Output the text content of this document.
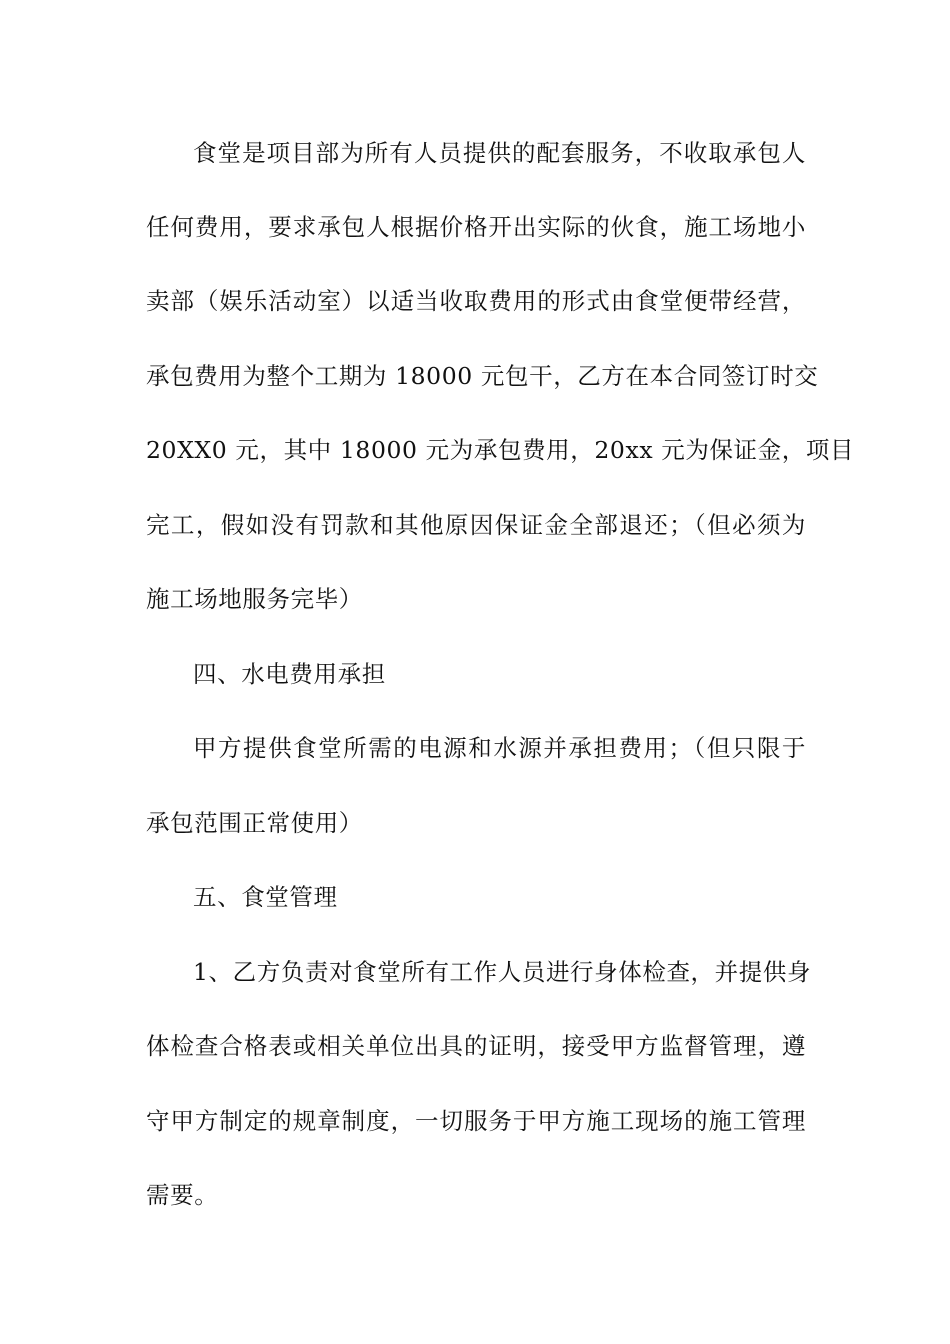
食堂是项目部为所有人员提供的配套服务，不收取承包人
任何费用，要求承包人根据价格开出实际的伙食，施工场地小
卖部（娱乐活动室）以适当收取费用的形式由食堂便带经营，
承包费用为整个工期为 18000 元包干，乙方在本合同签订时交
20XX0 元，其中 18000 元为承包费用，20xx 元为保证金，项目
完工，假如没有罚款和其他原因保证金全部退还；（但必须为
施工场地服务完毕）
四、水电费用承担
甲方提供食堂所需的电源和水源并承担费用；（但只限于
承包范围正常使用）
五、食堂管理
1、乙方负责对食堂所有工作人员进行身体检查，并提供身
体检查合格表或相关单位出具的证明，接受甲方监督管理，遵
守甲方制定的规章制度，一切服务于甲方施工现场的施工管理
需要。
